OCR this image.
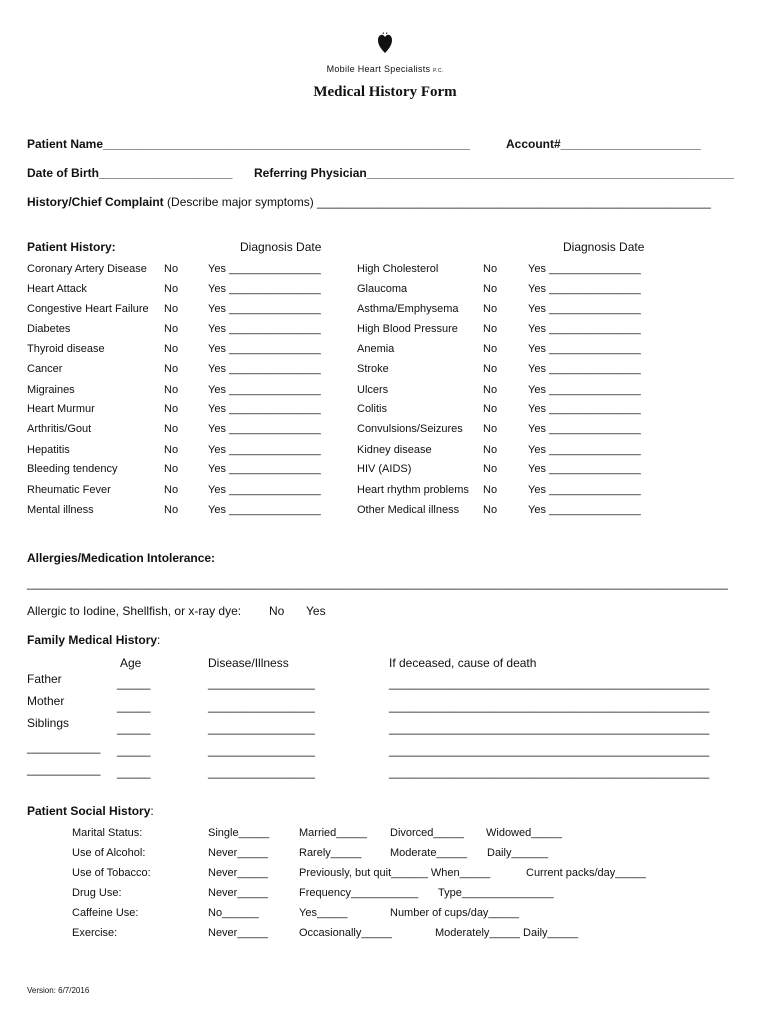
Mobile Heart Specialists P.C.
Medical History Form
Patient Name_______________________________________________________	Account#_____________________
Date of Birth____________________ Referring Physician_______________________________________________________
History/Chief Complaint (Describe major symptoms) ___________________________________________________________
Patient History:	Diagnosis Date	Diagnosis Date
Coronary Artery Disease No	Yes _______________	High Cholesterol	No	Yes _______________
Heart Attack	No	Yes _______________	Glaucoma	No	Yes _______________
Congestive Heart Failure No	Yes _______________	Asthma/Emphysema No	Yes _______________
Diabetes	No	Yes _______________	High Blood Pressure No	Yes _______________
Thyroid disease	No	Yes _______________	Anemia	No	Yes _______________
Cancer	No	Yes _______________	Stroke	No	Yes _______________
Migraines	No	Yes _______________	Ulcers	No	Yes _______________
Heart Murmur	No	Yes _______________	Colitis	No	Yes _______________
Arthritis/Gout	No	Yes _______________	Convulsions/Seizures No	Yes _______________
Hepatitis	No	Yes _______________	Kidney disease	No	Yes _______________
Bleeding tendency	No	Yes _______________	HIV (AIDS)	No	Yes _______________
Rheumatic Fever	No	Yes _______________	Heart rhythm problems No	Yes _______________
Mental illness	No	Yes _______________	Other Medical illness No	Yes _______________
Allergies/Medication Intolerance:
_________________________________________________________________________________________________________
Allergic to Iodine, Shellfish, or x-ray dye: No Yes
Family Medical History:
Age	Disease/Illness	If deceased, cause of death
Father	_____	________________	________________________________________________
Mother	_____	________________	________________________________________________
Siblings	_____	________________	________________________________________________
___________ _____	________________	________________________________________________
___________ _____	________________	________________________________________________
Patient Social History:
Marital Status:	Single_____	Married_____ Divorced_____ Widowed_____
Use of Alcohol:	Never_____	Rarely_____	Moderate_____ Daily______
Use of Tobacco:	Never_____	Previously, but quit______ When_____	Current packs/day_____
Drug Use:	Never_____	Frequency___________ Type_______________
Caffeine Use:	No______	Yes_____	Number of cups/day_____
Exercise:	Never_____	Occasionally_____	Moderately_____ Daily_____
Version: 6/7/2016
